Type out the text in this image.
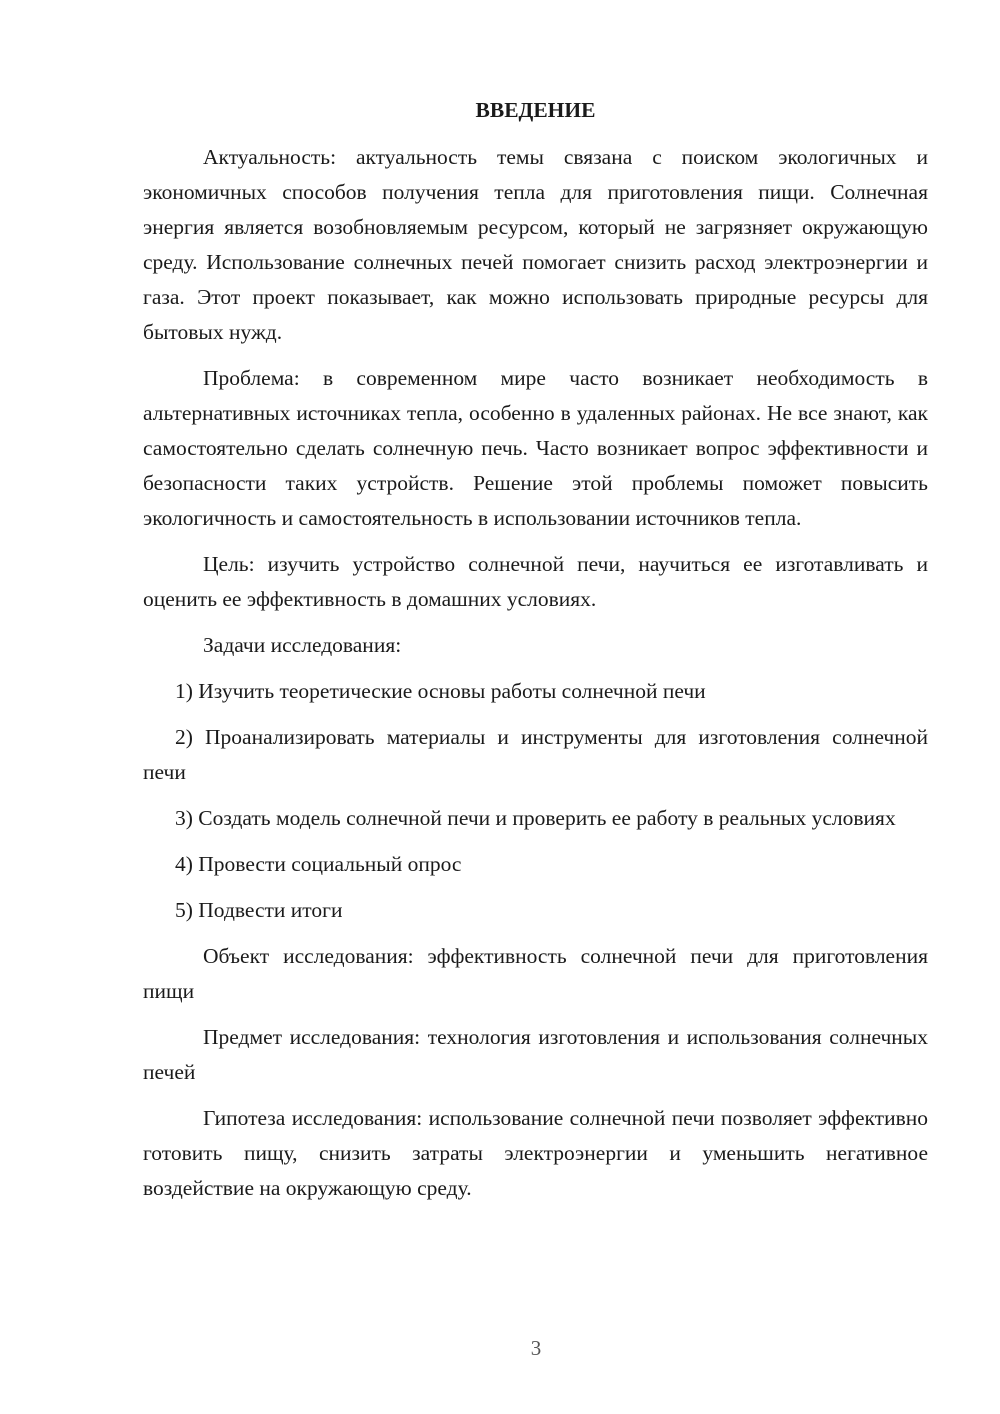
ВВЕДЕНИЕ

Актуальность: актуальность темы связана с поиском экологичных и экономичных способов получения тепла для приготовления пищи. Солнечная энергия является возобновляемым ресурсом, который не загрязняет окружающую среду. Использование солнечных печей помогает снизить расход электроэнергии и газа. Этот проект показывает, как можно использовать природные ресурсы для бытовых нужд.

Проблема: в современном мире часто возникает необходимость в альтернативных источниках тепла, особенно в удаленных районах. Не все знают, как самостоятельно сделать солнечную печь. Часто возникает вопрос эффективности и безопасности таких устройств. Решение этой проблемы поможет повысить экологичность и самостоятельность в использовании источников тепла.

Цель: изучить устройство солнечной печи, научиться ее изготавливать и оценить ее эффективность в домашних условиях.

Задачи исследования:

1) Изучить теоретические основы работы солнечной печи

2) Проанализировать материалы и инструменты для изготовления солнечной печи

3) Создать модель солнечной печи и проверить ее работу в реальных условиях

4) Провести социальный опрос

5) Подвести итоги

Объект исследования: эффективность солнечной печи для приготовления пищи

Предмет исследования: технология изготовления и использования солнечных печей

Гипотеза исследования: использование солнечной печи позволяет эффективно готовить пищу, снизить затраты электроэнергии и уменьшить негативное воздействие на окружающую среду.

3
